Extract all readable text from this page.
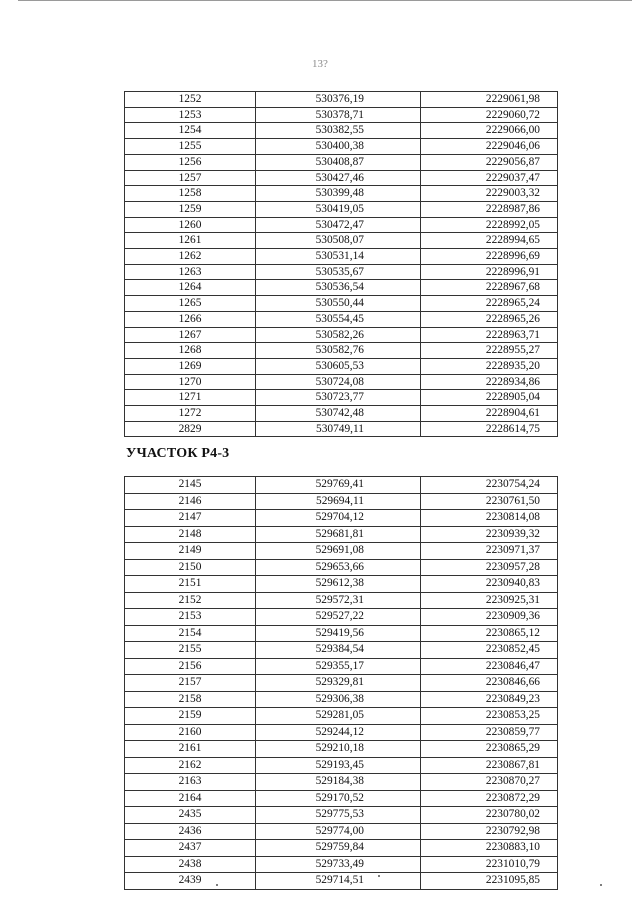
13?
1252	530376,19	2229061,98
1253	530378,71	2229060,72
1254	530382,55	2229066,00
1255	530400,38	2229046,06
1256	530408,87	2229056,87
1257	530427,46	2229037,47
1258	530399,48	2229003,32
1259	530419,05	2228987,86
1260	530472,47	2228992,05
1261	530508,07	2228994,65
1262	530531,14	2228996,69
1263	530535,67	2228996,91
1264	530536,54	2228967,68
1265	530550,44	2228965,24
1266	530554,45	2228965,26
1267	530582,26	2228963,71
1268	530582,76	2228955,27
1269	530605,53	2228935,20
1270	530724,08	2228934,86
1271	530723,77	2228905,04
1272	530742,48	2228904,61
2829	530749,11	2228614,75
УЧАСТОК Р4-3
2145	529769,41	2230754,24
2146	529694,11	2230761,50
2147	529704,12	2230814,08
2148	529681,81	2230939,32
2149	529691,08	2230971,37
2150	529653,66	2230957,28
2151	529612,38	2230940,83
2152	529572,31	2230925,31
2153	529527,22	2230909,36
2154	529419,56	2230865,12
2155	529384,54	2230852,45
2156	529355,17	2230846,47
2157	529329,81	2230846,66
2158	529306,38	2230849,23
2159	529281,05	2230853,25
2160	529244,12	2230859,77
2161	529210,18	2230865,29
2162	529193,45	2230867,81
2163	529184,38	2230870,27
2164	529170,52	2230872,29
2435	529775,53	2230780,02
2436	529774,00	2230792,98
2437	529759,84	2230883,10
2438	529733,49	2231010,79
2439	529714,51	2231095,85
